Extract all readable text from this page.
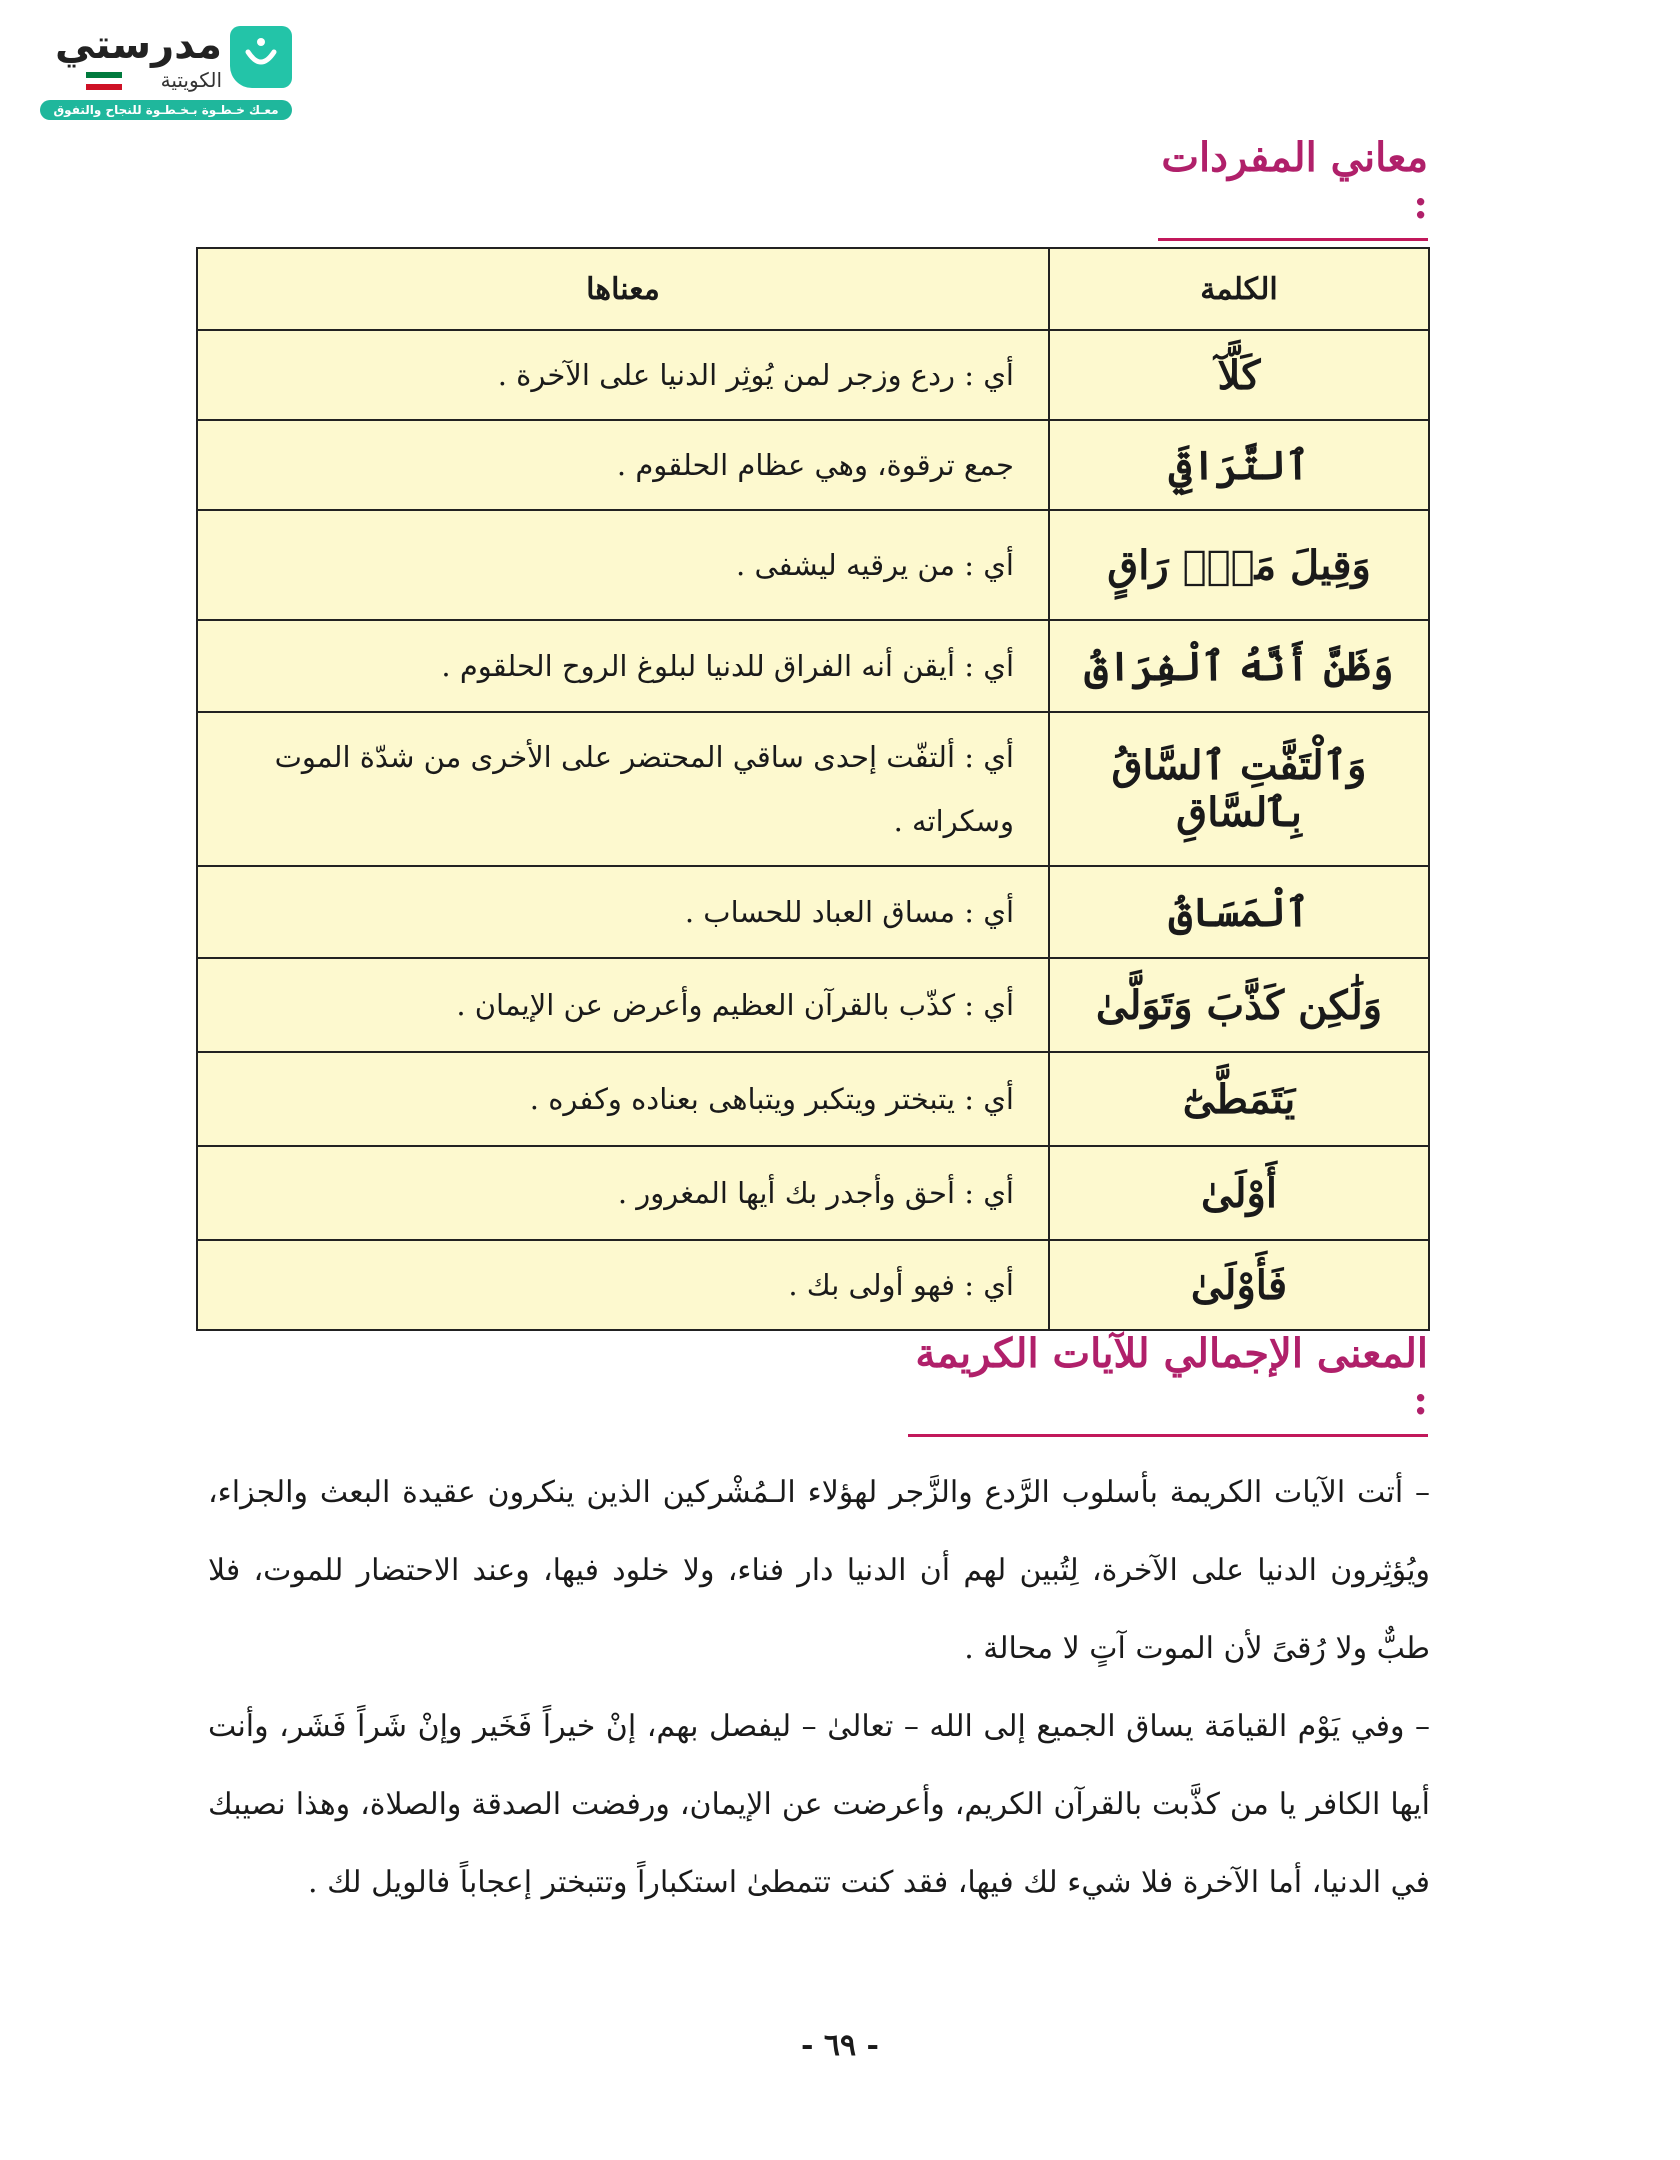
مدرستي
الكويتية
معـك خـطـوة بـخـطـوة للنجاح والتفوق
معاني المفردات :
الكلمة	معناها
كَلَّآ	أي : ردع وزجر لمن يُوثِر الدنيا على الآخرة .
ٱلتَّرَاقِيَ	جمع ترقوة، وهي عظام الحلقوم .
وَقِيلَ مَنْۜ رَاقٍ	أي : من يرقيه ليشفى .
وَظَنَّ أَنَّهُ ٱلْفِرَاقُ	أي : أيقن أنه الفراق للدنيا لبلوغ الروح الحلقوم .
وَٱلْتَفَّتِ ٱلسَّاقُ بِٱلسَّاقِ	أي : ألتفّت إحدى ساقي المحتضر على الأخرى من شدّة الموت وسكراته .
ٱلْمَسَاقُ	أي : مساق العباد للحساب .
وَلَٰكِن كَذَّبَ وَتَوَلَّىٰ	أي : كذّب بالقرآن العظيم وأعرض عن الإيمان .
يَتَمَطَّىٰٓ	أي : يتبختر ويتكبر ويتباهى بعناده وكفره .
أَوْلَىٰ	أي : أحق وأجدر بك أيها المغرور .
فَأَوْلَىٰ	أي : فهو أولى بك .
المعنى الإجمالي للآيات الكريمة :

– أتت الآيات الكريمة بأسلوب الرَّدع والزَّجر لهؤلاء الـمُشْركين الذين ينكرون عقيدة البعث والجزاء، ويُؤثِرون الدنيا على الآخرة، لِتُبين لهم أن الدنيا دار فناء، ولا خلود فيها، وعند الاحتضار للموت، فلا طبٌّ ولا رُقىً لأن الموت آتٍ لا محالة .

– وفي يَوْم القيامَة يساق الجميع إلى الله – تعالىٰ – ليفصل بهم، إنْ خيراً فَخَير وإنْ شَراً فَشَر، وأنت أيها الكافر يا من كذَّبت بالقرآن الكريم، وأعرضت عن الإيمان، ورفضت الصدقة والصلاة، وهذا نصيبك في الدنيا، أما الآخرة فلا شيء لك فيها، فقد كنت تتمطىٰ استكباراً وتتبختر إعجاباً فالويل لك .

- ٦٩ -
